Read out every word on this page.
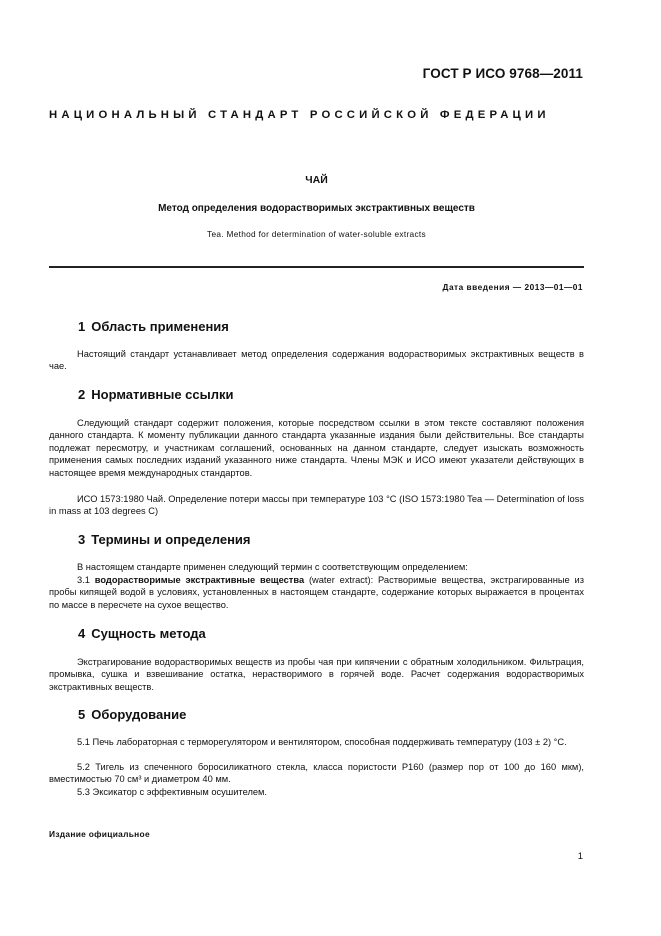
ГОСТ Р ИСО 9768—2011
НАЦИОНАЛЬНЫЙ СТАНДАРТ РОССИЙСКОЙ ФЕДЕРАЦИИ
ЧАЙ
Метод определения водорастворимых экстрактивных веществ
Tea. Method for determination of water-soluble extracts
Дата введения — 2013—01—01
1 Область применения

Настоящий стандарт устанавливает метод определения содержания водорастворимых экстрактивных веществ в чае.

2 Нормативные ссылки

Следующий стандарт содержит положения, которые посредством ссылки в этом тексте составляют положения данного стандарта. К моменту публикации данного стандарта указанные издания были действительны. Все стандарты подлежат пересмотру, и участникам соглашений, основанных на данном стандарте, следует изыскать возможность применения самых последних изданий указанного ниже стандарта. Члены МЭК и ИСО имеют указатели действующих в настоящее время международных стандартов.

ИСО 1573:1980 Чай. Определение потери массы при температуре 103 °С (ISO 1573:1980 Tea — Determination of loss in mass at 103 degrees C)

3 Термины и определения

В настоящем стандарте применен следующий термин с соответствующим определением:

3.1 водорастворимые экстрактивные вещества (water extract): Растворимые вещества, экстрагированные из пробы кипящей водой в условиях, установленных в настоящем стандарте, содержание которых выражается в процентах по массе в пересчете на сухое вещество.

4 Сущность метода

Экстрагирование водорастворимых веществ из пробы чая при кипячении с обратным холодильником. Фильтрация, промывка, сушка и взвешивание остатка, нерастворимого в горячей воде. Расчет содержания водорастворимых экстрактивных веществ.

5 Оборудование

5.1 Печь лабораторная с терморегулятором и вентилятором, способная поддерживать температуру (103 ± 2) °С.

5.2 Тигель из спеченного боросиликатного стекла, класса пористости Р160 (размер пор от 100 до 160 мкм), вместимостью 70 см³ и диаметром 40 мм.

5.3 Эксикатор с эффективным осушителем.

Издание официальное
1
